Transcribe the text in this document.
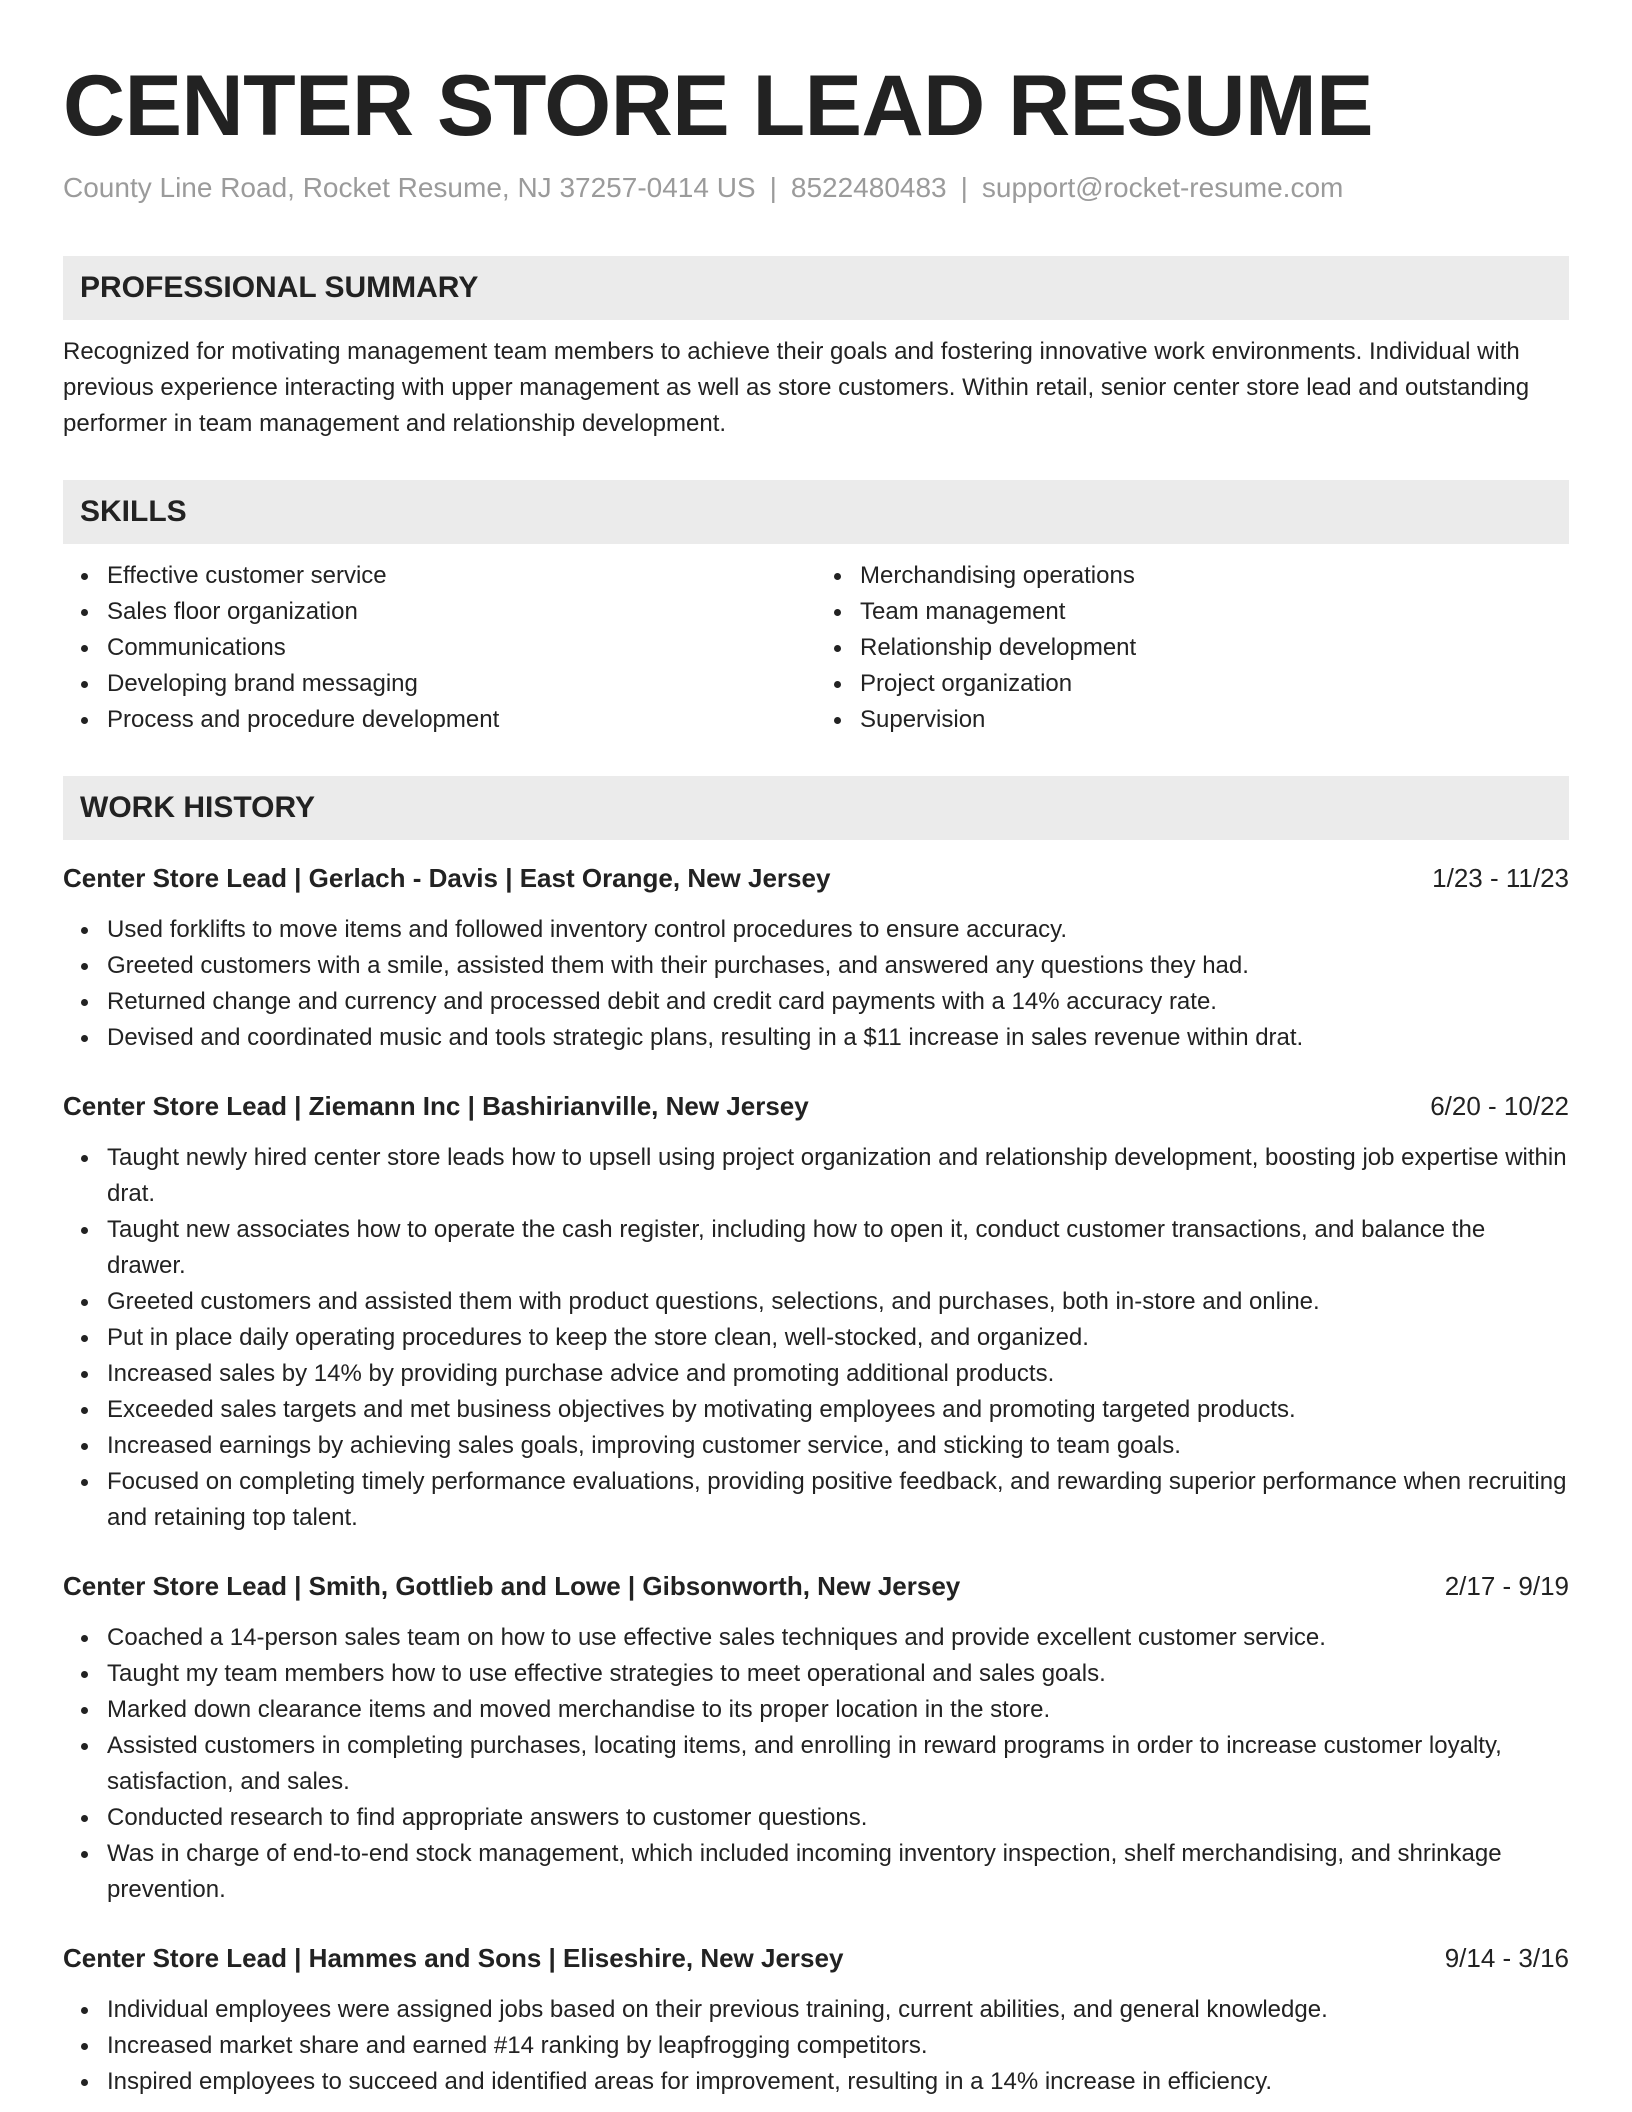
CENTER STORE LEAD RESUME
County Line Road, Rocket Resume, NJ 37257-0414 US | 8522480483 | support@rocket-resume.com
PROFESSIONAL SUMMARY
Recognized for motivating management team members to achieve their goals and fostering innovative work environments. Individual with previous experience interacting with upper management as well as store customers. Within retail, senior center store lead and outstanding performer in team management and relationship development.
SKILLS
Effective customer service
Sales floor organization
Communications
Developing brand messaging
Process and procedure development
Merchandising operations
Team management
Relationship development
Project organization
Supervision
WORK HISTORY
Center Store Lead | Gerlach - Davis | East Orange, New Jersey	1/23 - 11/23
Used forklifts to move items and followed inventory control procedures to ensure accuracy.
Greeted customers with a smile, assisted them with their purchases, and answered any questions they had.
Returned change and currency and processed debit and credit card payments with a 14% accuracy rate.
Devised and coordinated music and tools strategic plans, resulting in a $11 increase in sales revenue within drat.
Center Store Lead | Ziemann Inc | Bashirianville, New Jersey	6/20 - 10/22
Taught newly hired center store leads how to upsell using project organization and relationship development, boosting job expertise within drat.
Taught new associates how to operate the cash register, including how to open it, conduct customer transactions, and balance the drawer.
Greeted customers and assisted them with product questions, selections, and purchases, both in-store and online.
Put in place daily operating procedures to keep the store clean, well-stocked, and organized.
Increased sales by 14% by providing purchase advice and promoting additional products.
Exceeded sales targets and met business objectives by motivating employees and promoting targeted products.
Increased earnings by achieving sales goals, improving customer service, and sticking to team goals.
Focused on completing timely performance evaluations, providing positive feedback, and rewarding superior performance when recruiting and retaining top talent.
Center Store Lead | Smith, Gottlieb and Lowe | Gibsonworth, New Jersey	2/17 - 9/19
Coached a 14-person sales team on how to use effective sales techniques and provide excellent customer service.
Taught my team members how to use effective strategies to meet operational and sales goals.
Marked down clearance items and moved merchandise to its proper location in the store.
Assisted customers in completing purchases, locating items, and enrolling in reward programs in order to increase customer loyalty, satisfaction, and sales.
Conducted research to find appropriate answers to customer questions.
Was in charge of end-to-end stock management, which included incoming inventory inspection, shelf merchandising, and shrinkage prevention.
Center Store Lead | Hammes and Sons | Eliseshire, New Jersey	9/14 - 3/16
Individual employees were assigned jobs based on their previous training, current abilities, and general knowledge.
Increased market share and earned #14 ranking by leapfrogging competitors.
Inspired employees to succeed and identified areas for improvement, resulting in a 14% increase in efficiency.
